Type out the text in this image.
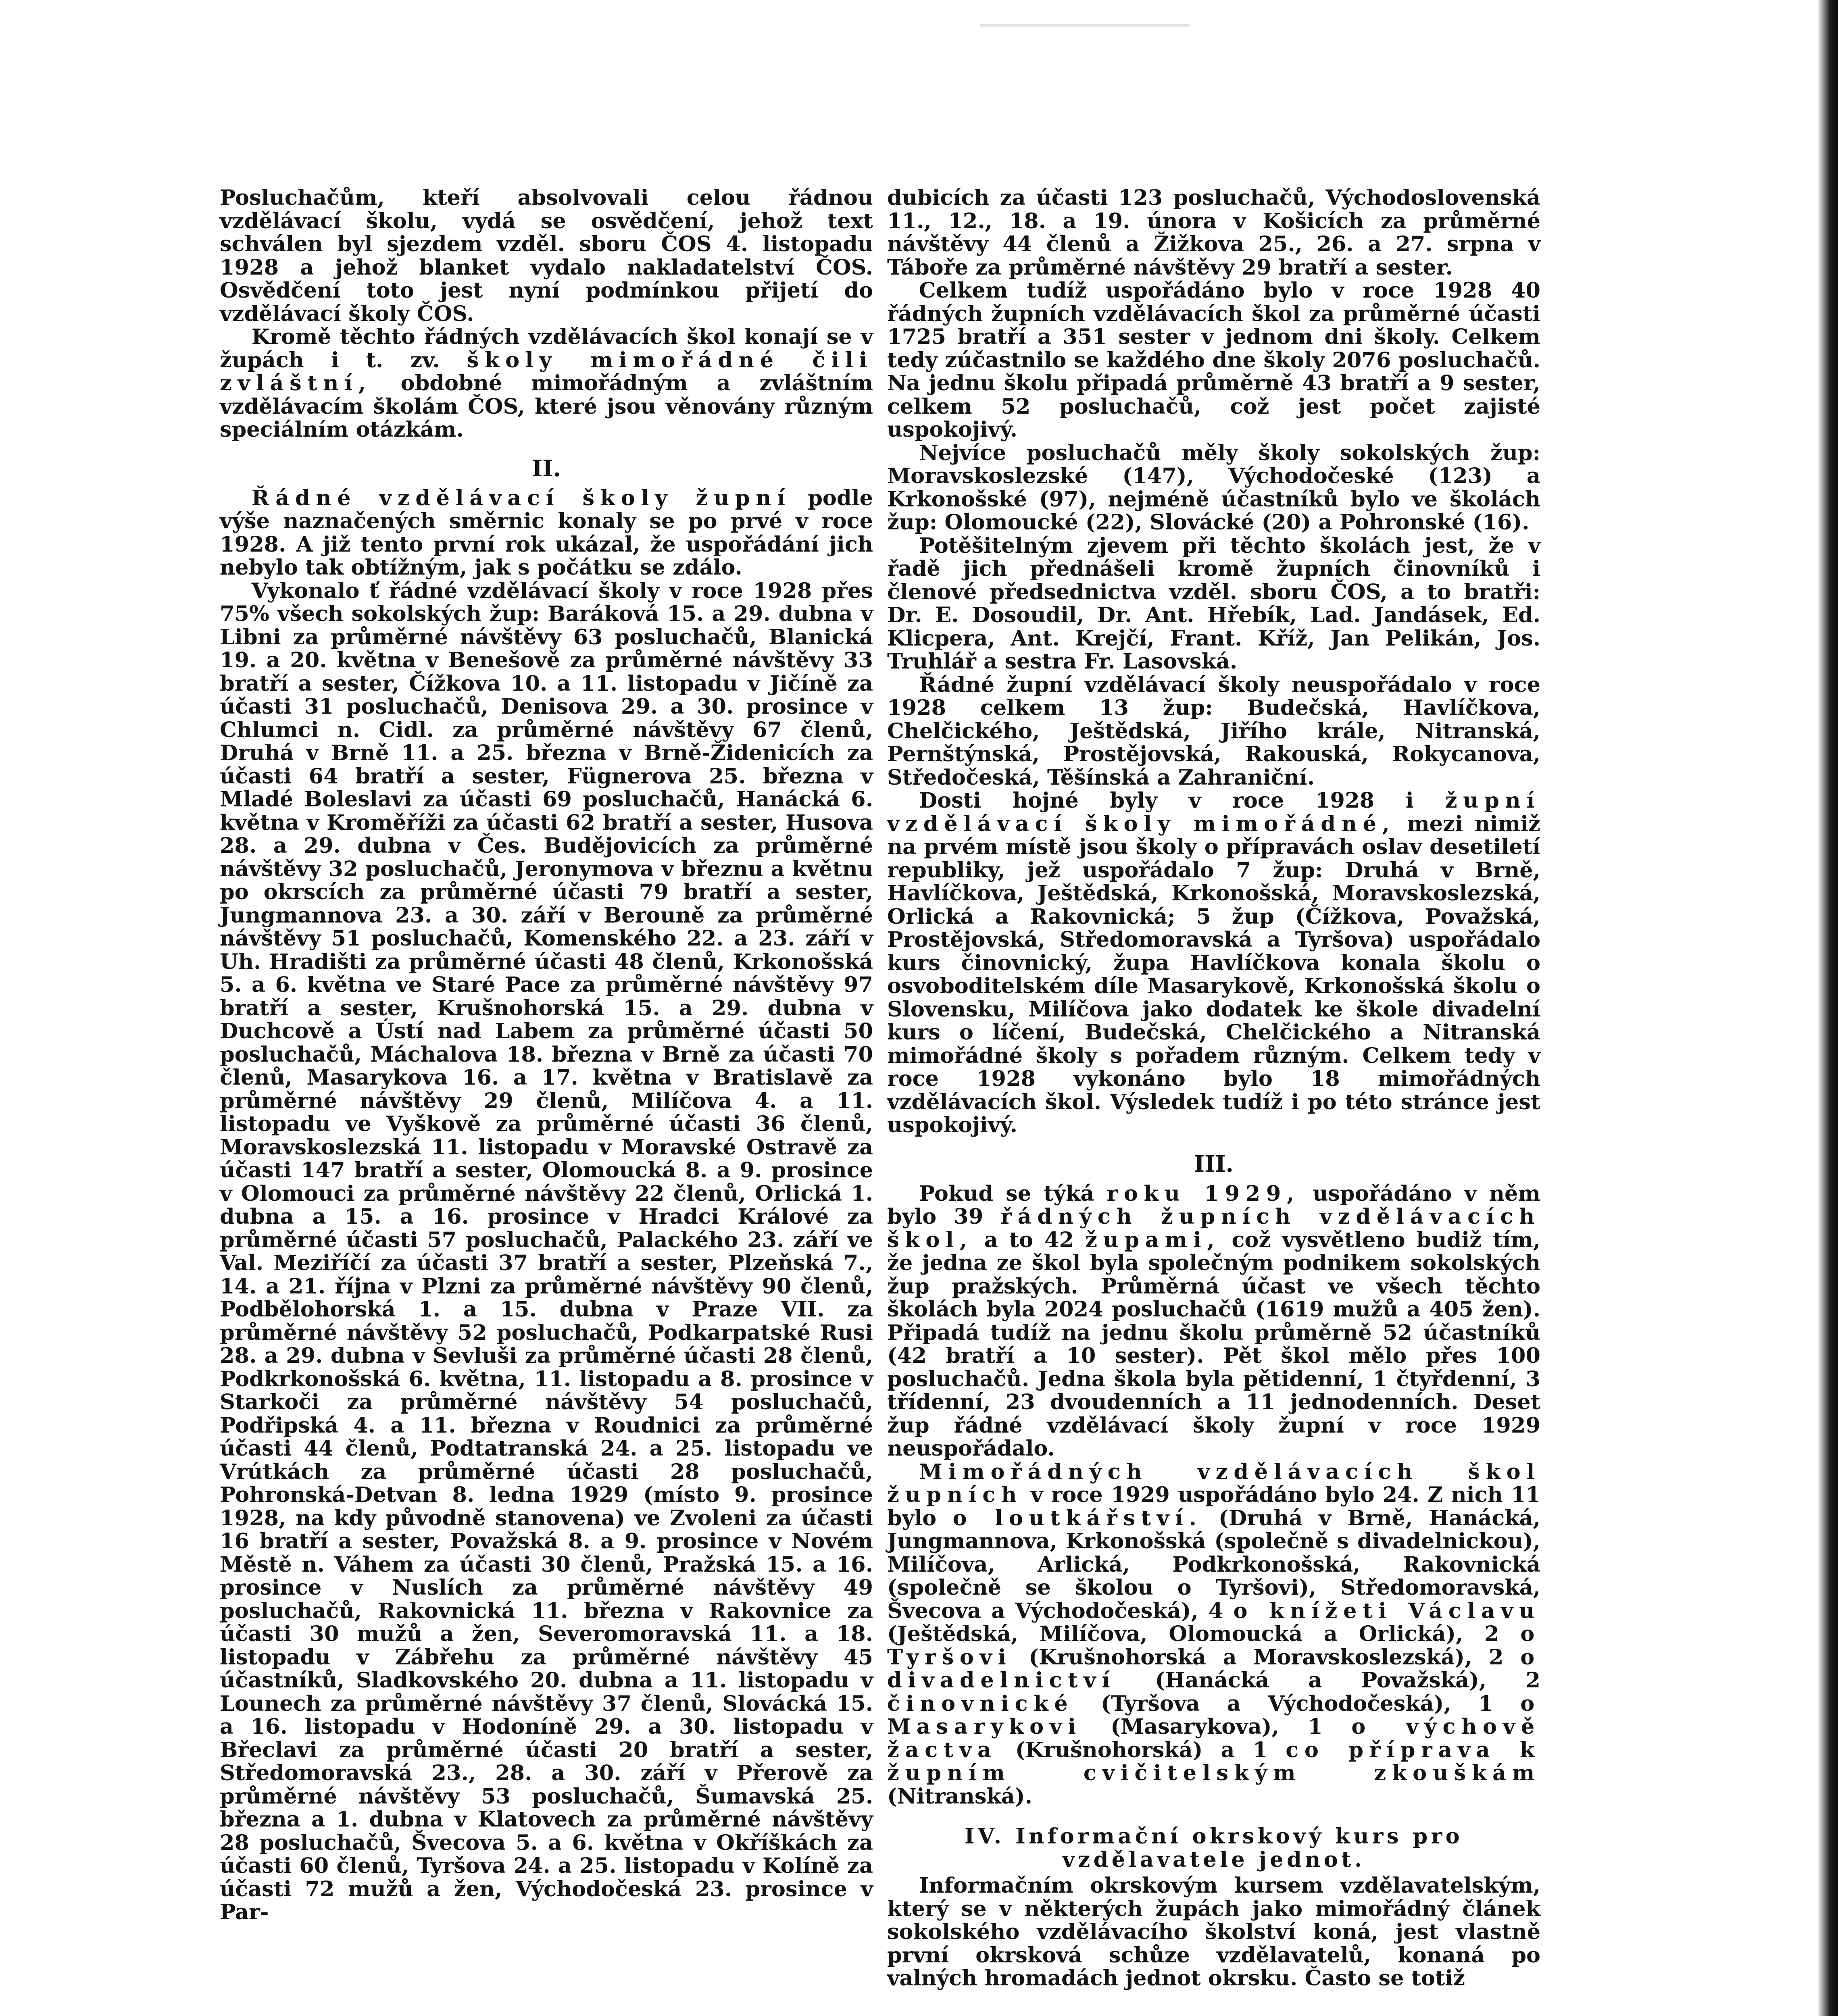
Posluchačům, kteří absolvovali celou řádnou vzdělávací školu, vydá se osvědčení, jehož text schválen byl sjezdem vzděl. sboru ČOS 4. listopadu 1928 a jehož blanket vydalo nakladatelství ČOS. Osvědčení toto jest nyní podmínkou přijetí do vzdělávací školy ČOS.

Kromě těchto řádných vzdělávacích škol konají se v župách i t. zv. školy mimořádné čili zvláštní, obdobné mimořádným a zvláštním vzdělávacím školám ČOS, které jsou věnovány různým speciálním otázkám.

II.

Řádné vzdělávací školy župní podle výše naznačených směrnic konaly se po prvé v roce 1928. A již tento první rok ukázal, že uspořádání jich nebylo tak obtížným, jak s počátku se zdálo.

Vykonalo ť řádné vzdělávací školy v roce 1928 přes 75% všech sokolských žup: Baráková 15. a 29. dubna v Libni za průměrné návštěvy 63 posluchačů, Blanická 19. a 20. května v Benešově za průměrné návštěvy 33 bratří a sester, Čížkova 10. a 11. listopadu v Jičíně za účasti 31 posluchačů, Denisova 29. a 30. prosince v Chlumci n. Cidl. za průměrné návštěvy 67 členů, Druhá v Brně 11. a 25. března v Brně-Židenicích za účasti 64 bratří a sester, Fügnerova 25. března v Mladé Boleslavi za účasti 69 posluchačů, Hanácká 6. května v Kroměříži za účasti 62 bratří a sester, Husova 28. a 29. dubna v Čes. Budějovicích za průměrné návštěvy 32 posluchačů, Jeronymova v březnu a květnu po okrscích za průměrné účasti 79 bratří a sester, Jungmannova 23. a 30. září v Berouně za průměrné návštěvy 51 posluchačů, Komenského 22. a 23. září v Uh. Hradišti za průměrné účasti 48 členů, Krkonošská 5. a 6. května ve Staré Pace za průměrné návštěvy 97 bratří a sester, Krušnohorská 15. a 29. dubna v Duchcově a Ústí nad Labem za průměrné účasti 50 posluchačů, Máchalova 18. března v Brně za účasti 70 členů, Masarykova 16. a 17. května v Bratislavě za průměrné návštěvy 29 členů, Milíčova 4. a 11. listopadu ve Vyškově za průměrné účasti 36 členů, Moravskoslezská 11. listopadu v Moravské Ostravě za účasti 147 bratří a sester, Olomoucká 8. a 9. prosince v Olomouci za průměrné návštěvy 22 členů, Orlická 1. dubna a 15. a 16. prosince v Hradci Králové za průměrné účasti 57 posluchačů, Palackého 23. září ve Val. Meziříčí za účasti 37 bratří a sester, Plzeňská 7., 14. a 21. října v Plzni za průměrné návštěvy 90 členů, Podbělohorská 1. a 15. dubna v Praze VII. za průměrné návštěvy 52 posluchačů, Podkarpatské Rusi 28. a 29. dubna v Sevluši za průměrné účasti 28 členů, Podkrkonošská 6. května, 11. listopadu a 8. prosince v Starkoči za průměrné návštěvy 54 posluchačů, Podřipská 4. a 11. března v Roudnici za průměrné účasti 44 členů, Podtatranská 24. a 25. listopadu ve Vrútkách za průměrné účasti 28 posluchačů, Pohronská-Detvan 8. ledna 1929 (místo 9. prosince 1928, na kdy původně stanovena) ve Zvoleni za účasti 16 bratří a sester, Považská 8. a 9. prosince v Novém Městě n. Váhem za účasti 30 členů, Pražská 15. a 16. prosince v Nuslích za průměrné návštěvy 49 posluchačů, Rakovnická 11. března v Rakovnice za účasti 30 mužů a žen, Severomoravská 11. a 18. listopadu v Zábřehu za průměrné návštěvy 45 účastníků, Sladkovského 20. dubna a 11. listopadu v Lounech za průměrné návštěvy 37 členů, Slovácká 15. a 16. listopadu v Hodoníně 29. a 30. listopadu v Břeclavi za průměrné účasti 20 bratří a sester, Středomoravská 23., 28. a 30. září v Přerově za průměrné návštěvy 53 posluchačů, Šumavská 25. března a 1. dubna v Klatovech za průměrné návštěvy 28 posluchačů, Švecova 5. a 6. května v Okříškách za účasti 60 členů, Tyršova 24. a 25. listopadu v Kolíně za účasti 72 mužů a žen, Východočeská 23. prosince v Par-

dubicích za účasti 123 posluchačů, Východoslovenská 11., 12., 18. a 19. února v Košicích za průměrné návštěvy 44 členů a Žižkova 25., 26. a 27. srpna v Táboře za průměrné návštěvy 29 bratří a sester.

Celkem tudíž uspořádáno bylo v roce 1928 40 řádných župních vzdělávacích škol za průměrné účasti 1725 bratří a 351 sester v jednom dni školy. Celkem tedy zúčastnilo se každého dne školy 2076 posluchačů. Na jednu školu připadá průměrně 43 bratří a 9 sester, celkem 52 posluchačů, což jest počet zajisté uspokojivý.

Nejvíce posluchačů měly školy sokolských žup: Moravskoslezské (147), Východočeské (123) a Krkonošské (97), nejméně účastníků bylo ve školách žup: Olomoucké (22), Slovácké (20) a Pohronské (16).

Potěšitelným zjevem při těchto školách jest, že v řadě jich přednášeli kromě župních činovníků i členové předsednictva vzděl. sboru ČOS, a to bratři: Dr. E. Dosoudil, Dr. Ant. Hřebík, Lad. Jandásek, Ed. Klicpera, Ant. Krejčí, Frant. Kříž, Jan Pelikán, Jos. Truhlář a sestra Fr. Lasovská.

Řádné župní vzdělávací školy neuspořádalo v roce 1928 celkem 13 žup: Budečská, Havlíčkova, Chelčického, Ještědská, Jiřího krále, Nitranská, Pernštýnská, Prostějovská, Rakouská, Rokycanova, Středočeská, Těšínská a Zahraniční.

Dosti hojné byly v roce 1928 i župní vzdělávací školy mimořádné, mezi nimiž na prvém místě jsou školy o přípravách oslav desetiletí republiky, jež uspořádalo 7 žup: Druhá v Brně, Havlíčkova, Ještědská, Krkonošská, Moravskoslezská, Orlická a Rakovnická; 5 žup (Čížkova, Považská, Prostějovská, Středomoravská a Tyršova) uspořádalo kurs činovnický, župa Havlíčkova konala školu o osvoboditelském díle Masarykově, Krkonošská školu o Slovensku, Milíčova jako dodatek ke škole divadelní kurs o líčení, Budečská, Chelčického a Nitranská mimořádné školy s pořadem různým. Celkem tedy v roce 1928 vykonáno bylo 18 mimořádných vzdělávacích škol. Výsledek tudíž i po této stránce jest uspokojivý.

III.

Pokud se týká roku 1929, uspořádáno v něm bylo 39 řádných župních vzdělávacích škol, a to 42 župami, což vysvětleno budiž tím, že jedna ze škol byla společným podnikem sokolských žup pražských. Průměrná účast ve všech těchto školách byla 2024 posluchačů (1619 mužů a 405 žen). Připadá tudíž na jednu školu průměrně 52 účastníků (42 bratří a 10 sester). Pět škol mělo přes 100 posluchačů. Jedna škola byla pětidenní, 1 čtyřdenní, 3 třídenní, 23 dvoudenních a 11 jednodenních. Deset žup řádné vzdělávací školy župní v roce 1929 neuspořádalo.

Mimořádných vzdělávacích škol župních v roce 1929 uspořádáno bylo 24. Z nich 11 bylo o loutkářství. (Druhá v Brně, Hanácká, Jungmannova, Krkonošská (společně s divadelnickou), Milíčova, Arlická, Podkrkonošská, Rakovnická (společně se školou o Tyršovi), Středomoravská, Švecova a Východočeská), 4 o knížeti Václavu (Ještědská, Milíčova, Olomoucká a Orlická), 2 o Tyršovi (Krušnohorská a Moravskoslezská), 2 o divadelnictví (Hanácká a Považská), 2 činovnické (Tyršova a Východočeská), 1 o Masarykovi (Masarykova), 1 o výchově žactva (Krušnohorská) a 1 co příprava k župním cvičitelským zkouškám (Nitranská).

IV. Informační okrskový kurs pro vzdělavatele jednot.

Informačním okrskovým kursem vzdělavatelským, který se v některých župách jako mimořádný článek sokolského vzdělávacího školství koná, jest vlastně první okrsková schůze vzdělavatelů, konaná po valných hromadách jednot okrsku. Často se totiž
